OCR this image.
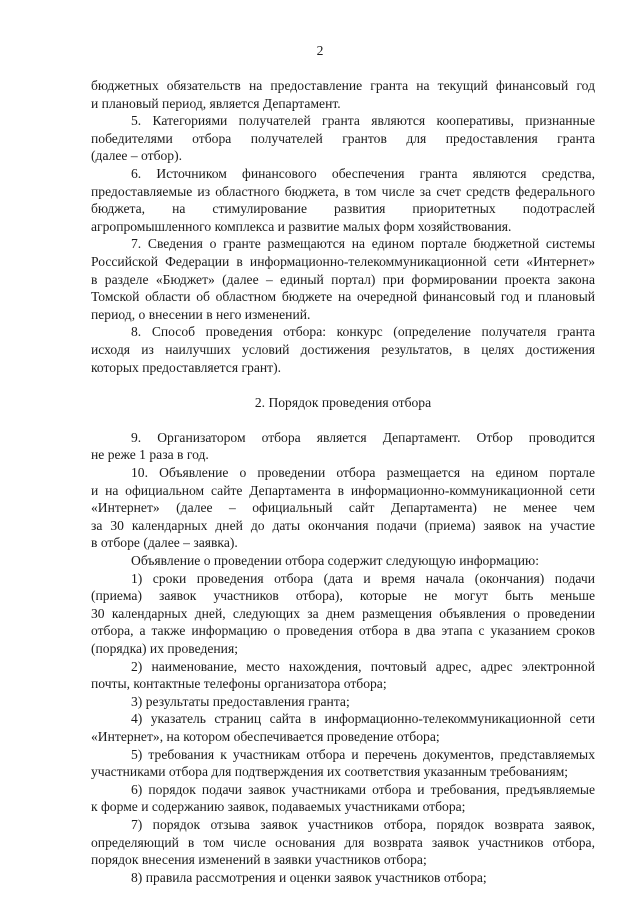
2
бюджетных обязательств на предоставление гранта на текущий финансовый год
и плановый период, является Департамент.
5. Категориями получателей гранта являются кооперативы, признанные
победителями отбора получателей грантов для предоставления гранта
(далее – отбор).
6. Источником финансового обеспечения гранта являются средства,
предоставляемые из областного бюджета, в том числе за счет средств федерального
бюджета, на стимулирование развития приоритетных подотраслей
агропромышленного комплекса и развитие малых форм хозяйствования.
7. Сведения о гранте размещаются на едином портале бюджетной системы
Российской Федерации в информационно-телекоммуникационной сети «Интернет»
в разделе «Бюджет» (далее – единый портал) при формировании проекта закона
Томской области об областном бюджете на очередной финансовый год и плановый
период, о внесении в него изменений.
8. Способ проведения отбора: конкурс (определение получателя гранта
исходя из наилучших условий достижения результатов, в целях достижения
которых предоставляется грант).
2. Порядок проведения отбора
9. Организатором отбора является Департамент. Отбор проводится
не реже 1 раза в год.
10. Объявление о проведении отбора размещается на едином портале
и на официальном сайте Департамента в информационно-коммуникационной сети
«Интернет» (далее – официальный сайт Департамента) не менее чем
за 30 календарных дней до даты окончания подачи (приема) заявок на участие
в отборе (далее – заявка).
Объявление о проведении отбора содержит следующую информацию:
1) сроки проведения отбора (дата и время начала (окончания) подачи
(приема) заявок участников отбора), которые не могут быть меньше
30 календарных дней, следующих за днем размещения объявления о проведении
отбора, а также информацию о проведения отбора в два этапа с указанием сроков
(порядка) их проведения;
2) наименование, место нахождения, почтовый адрес, адрес электронной
почты, контактные телефоны организатора отбора;
3) результаты предоставления гранта;
4) указатель страниц сайта в информационно-телекоммуникационной сети
«Интернет», на котором обеспечивается проведение отбора;
5) требования к участникам отбора и перечень документов, представляемых
участниками отбора для подтверждения их соответствия указанным требованиям;
6) порядок подачи заявок участниками отбора и требования, предъявляемые
к форме и содержанию заявок, подаваемых участниками отбора;
7) порядок отзыва заявок участников отбора, порядок возврата заявок,
определяющий в том числе основания для возврата заявок участников отбора,
порядок внесения изменений в заявки участников отбора;
8) правила рассмотрения и оценки заявок участников отбора;
